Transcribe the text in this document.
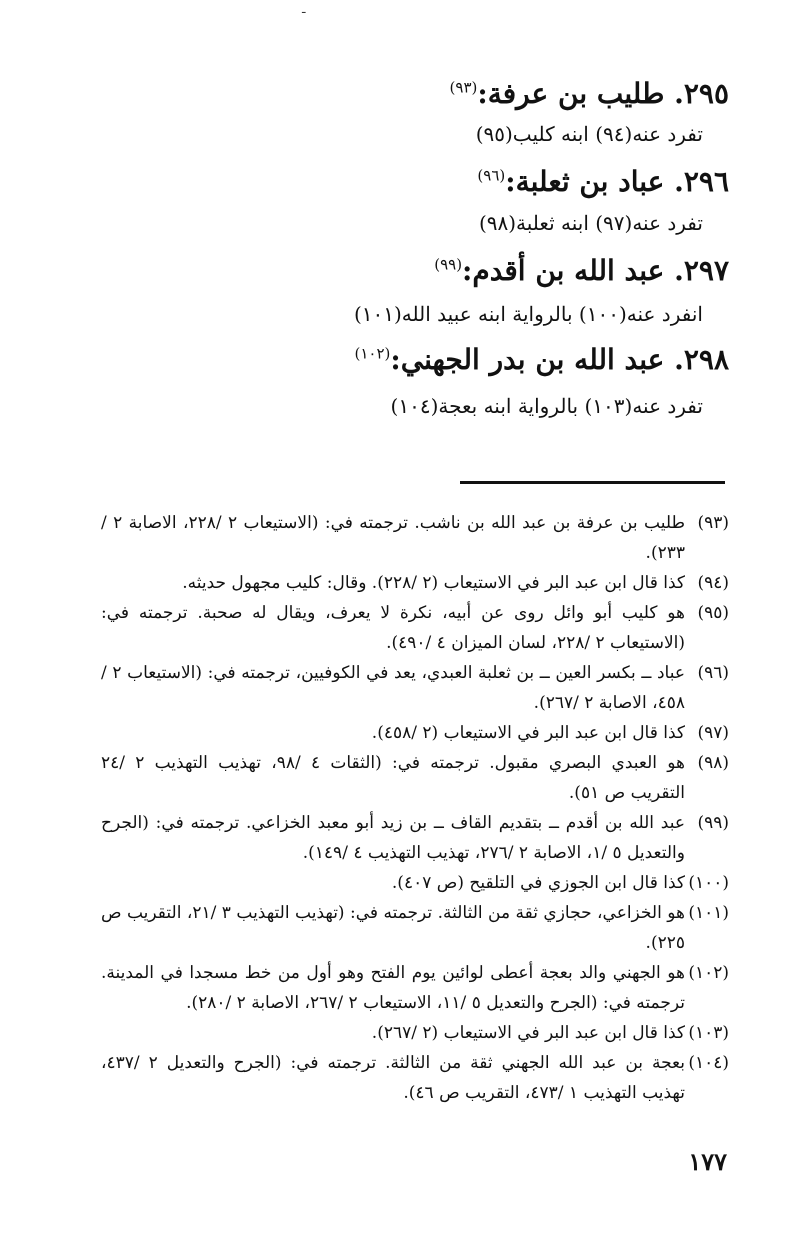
ـ
٢٩٥. طليب بن عرفة:$^{(٩٣)}$
تفرد عنه(٩٤) ابنه كليب(٩٥)
٢٩٦. عباد بن ثعلبة:$^{(٩٦)}$
تفرد عنه(٩٧) ابنه ثعلبة(٩٨)
٢٩٧. عبد الله بن أقدم:$^{(٩٩)}$
انفرد عنه(١٠٠) بالرواية ابنه عبيد الله(١٠١)
٢٩٨. عبد الله بن بدر الجهني:$^{(١٠٢)}$
تفرد عنه(١٠٣) بالرواية ابنه بعجة(١٠٤)
(٩٣)
طليب بن عرفة بن عبد الله بن ناشب. ترجمته في: (الاستيعاب ٢ /٢٢٨، الاصابة ٢ /٢٣٣).
(٩٤)
كذا قال ابن عبد البر في الاستيعاب (٢ /٢٢٨). وقال: كليب مجهول حديثه.
(٩٥)
هو كليب أبو وائل روى عن أبيه، نكرة لا يعرف، ويقال له صحبة. ترجمته في: (الاستيعاب ٢ /٢٢٨، لسان الميزان ٤ /٤٩٠).
(٩٦)
عباد ــ بكسر العين ــ بن ثعلبة العبدي، يعد في الكوفيين، ترجمته في: (الاستيعاب ٢ /٤٥٨، الاصابة ٢ /٢٦٧).
(٩٧)
كذا قال ابن عبد البر في الاستيعاب (٢ /٤٥٨).
(٩٨)
هو العبدي البصري مقبول. ترجمته في: (الثقات ٤ /٩٨، تهذيب التهذيب ٢ /٢٤ التقريب ص ٥١).
(٩٩)
عبد الله بن أقدم ــ بتقديم القاف ــ بن زيد أبو معبد الخزاعي. ترجمته في: (الجرح والتعديل ٥ /١، الاصابة ٢ /٢٧٦، تهذيب التهذيب ٤ /١٤٩).
(١٠٠)
كذا قال ابن الجوزي في التلقيح (ص ٤٠٧).
(١٠١)
هو الخزاعي، حجازي ثقة من الثالثة. ترجمته في: (تهذيب التهذيب ٣ /٢١، التقريب ص ٢٢٥).
(١٠٢)
هو الجهني والد بعجة أعطى لوائين يوم الفتح وهو أول من خط مسجدا في المدينة. ترجمته في: (الجرح والتعديل ٥ /١١، الاستيعاب ٢ /٢٦٧، الاصابة ٢ /٢٨٠).
(١٠٣)
كذا قال ابن عبد البر في الاستيعاب (٢ /٢٦٧).
(١٠٤)
بعجة بن عبد الله الجهني ثقة من الثالثة. ترجمته في: (الجرح والتعديل ٢ /٤٣٧، تهذيب التهذيب ١ /٤٧٣، التقريب ص ٤٦).
١٧٧
